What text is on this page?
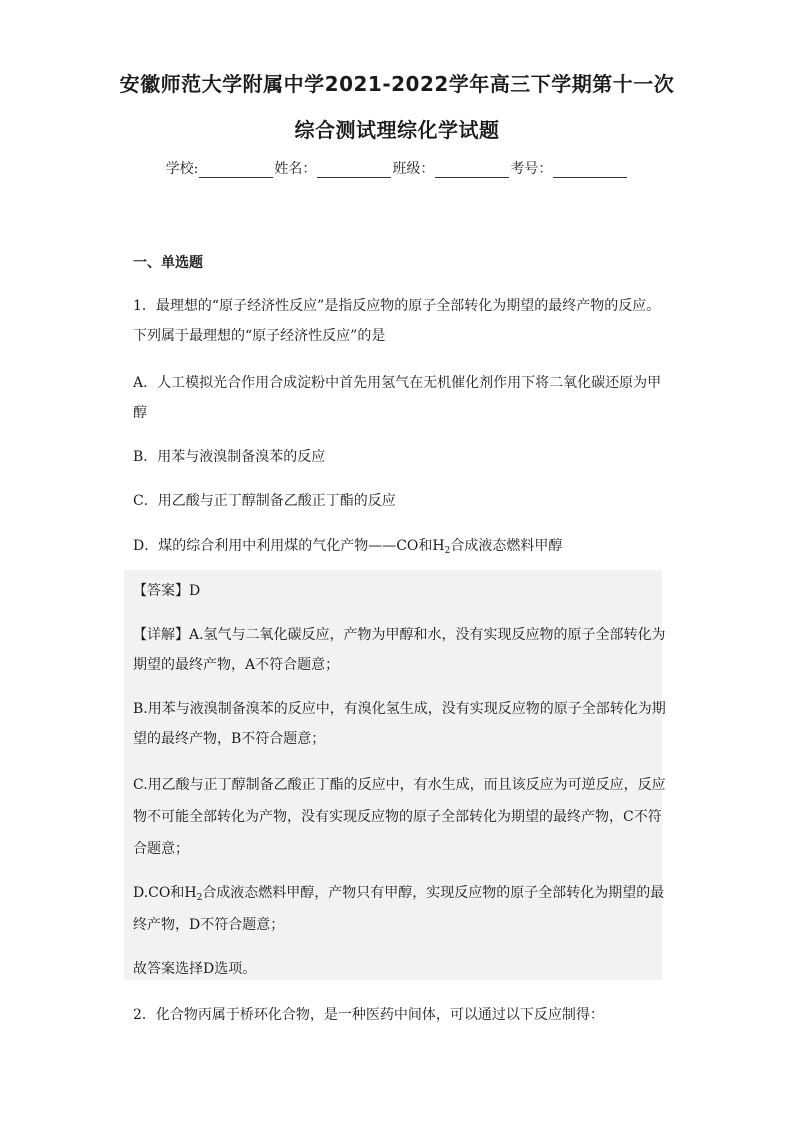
安徽师范大学附属中学2021-2022学年高三下学期第十一次
综合测试理综化学试题
学校:	姓名：	班级：	考号：
一、单选题
1．最理想的“原子经济性反应”是指反应物的原子全部转化为期望的最终产物的反应。
下列属于最理想的“原子经济性反应”的是
A．人工模拟光合作用合成淀粉中首先用氢气在无机催化剂作用下将二氧化碳还原为甲
醇
B．用苯与液溴制备溴苯的反应
C．用乙酸与正丁醇制备乙酸正丁酯的反应
D．煤的综合利用中利用煤的气化产物——CO和$H_2$合成液态燃料甲醇
【答案】D
【详解】A.氢气与二氧化碳反应，产物为甲醇和水，没有实现反应物的原子全部转化为
期望的最终产物，A不符合题意；
B.用苯与液溴制备溴苯的反应中，有溴化氢生成，没有实现反应物的原子全部转化为期
望的最终产物，B不符合题意；
C.用乙酸与正丁醇制备乙酸正丁酯的反应中，有水生成，而且该反应为可逆反应，反应
物不可能全部转化为产物，没有实现反应物的原子全部转化为期望的最终产物，C不符
合题意；
D.CO和$H_2$合成液态燃料甲醇，产物只有甲醇，实现反应物的原子全部转化为期望的最
终产物，D不符合题意；
故答案选择D选项。
2．化合物丙属于桥环化合物，是一种医药中间体，可以通过以下反应制得：
